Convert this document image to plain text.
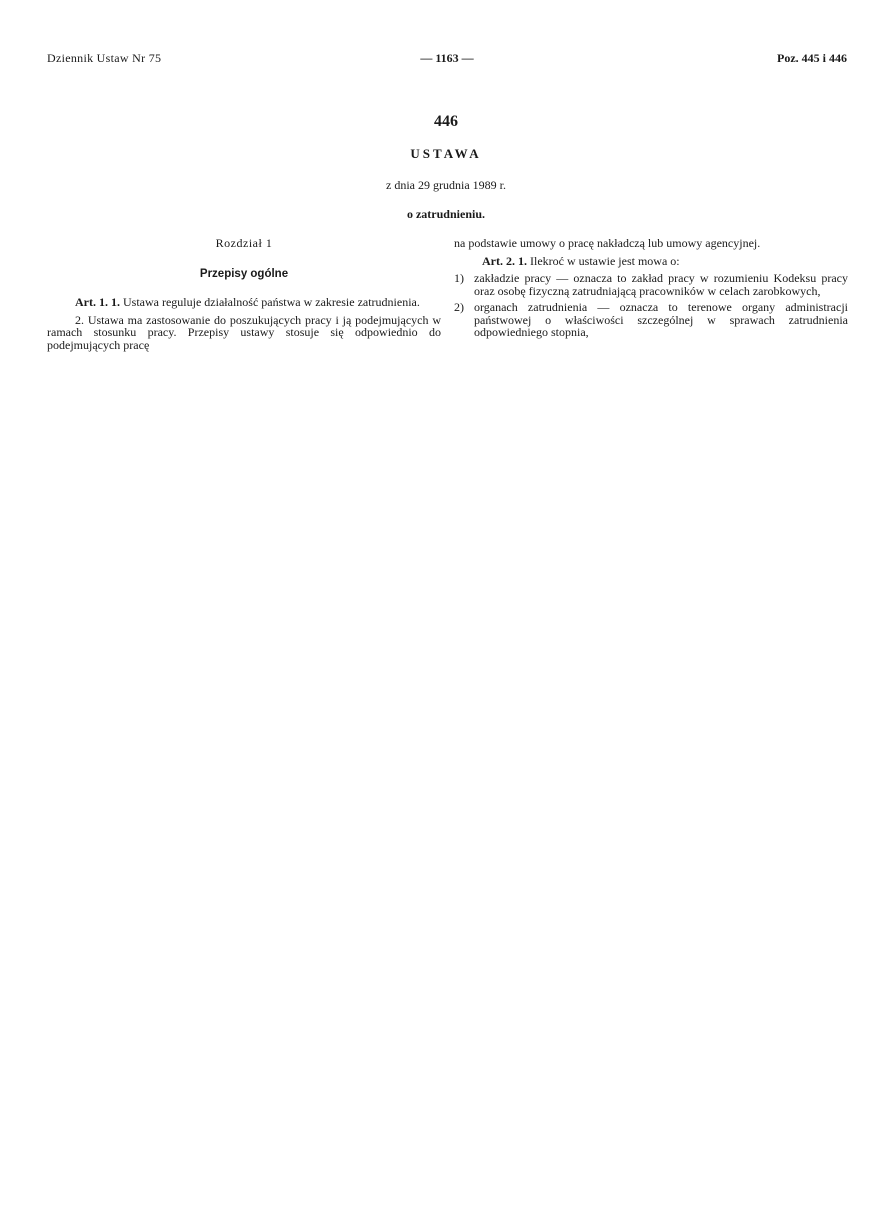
Dziennik Ustaw Nr 75	— 1163 —	Poz. 445 i 446
446
USTAWA
z dnia 29 grudnia 1989 r.
o zatrudnieniu.
Rozdział 1
Przepisy ogólne

Art. 1. 1. Ustawa reguluje działalność państwa w zakresie zatrudnienia.

2. Ustawa ma zastosowanie do poszukujących pracy i ją podejmujących w ramach stosunku pracy. Przepisy ustawy stosuje się odpowiednio do podejmujących pracę

na podstawie umowy o pracę nakładczą lub umowy agencyjnej.

Art. 2. 1. Ilekroć w ustawie jest mowa o:

1) zakładzie pracy — oznacza to zakład pracy w rozumieniu Kodeksu pracy oraz osobę fizyczną zatrudniającą pracowników w celach zarobkowych,
2) organach zatrudnienia — oznacza to terenowe organy administracji państwowej o właściwości szczególnej w sprawach zatrudnienia odpowiedniego stopnia,
